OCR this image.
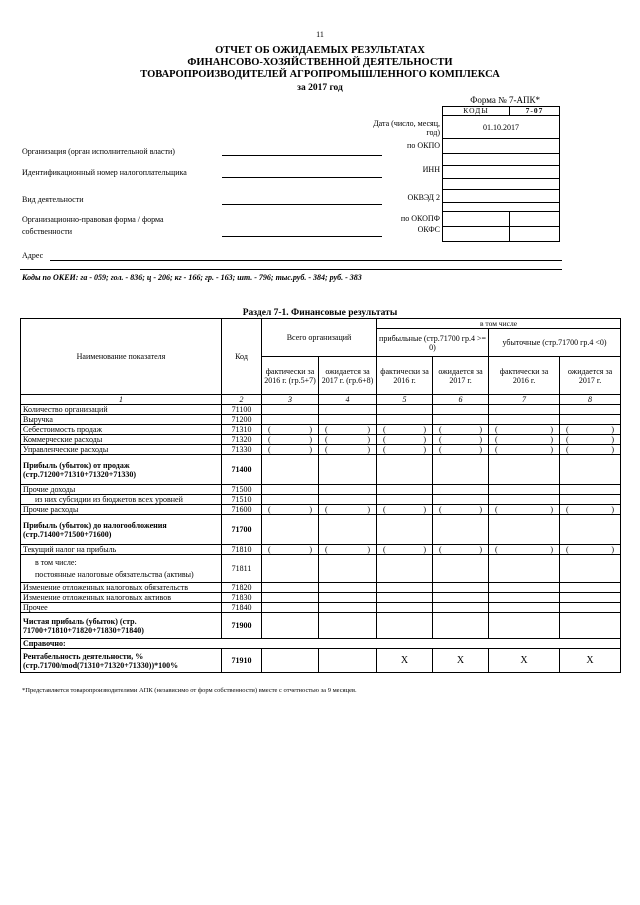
11
ОТЧЕТ ОБ ОЖИДАЕМЫХ РЕЗУЛЬТАТАХ
ФИНАНСОВО-ХОЗЯЙСТВЕННОЙ ДЕЯТЕЛЬНОСТИ
ТОВАРОПРОИЗВОДИТЕЛЕЙ АГРОПРОМЫШЛЕННОГО КОМПЛЕКСА
за 2017 год
Форма № 7-АПК*
КОДЫ	7-07
01.10.2017	

Дата (число, месяц, год)
по ОКПО
ИНН
ОКВЭД 2
по ОКОПФ
ОКФС
Организация (орган исполнительной власти)
Идентификационный номер налогоплательщика
Вид деятельности
Организационно-правовая форма / форма
собственности
Адрес
Коды по ОКЕИ: га - 059; гол. - 836; ц - 206; кг - 166; гр. - 163; шт. - 796; тыс.руб. - 384; руб. - 383
Раздел 7-1. Финансовые результаты
Наименование показателя	Код	Всего организаций		в том числе			
				прибыльные (стр.71700 гр.4 >= 0)		убыточные (стр.71700 гр.4 <0)	
		фактически за 2016 г. (гр.5+7)	ожидается за 2017 г. (гр.6+8)	фактически за 2016 г.	ожидается за 2017 г.	фактически за 2016 г.	ожидается за 2017 г.
1	2	3	4	5	6	7	8
Количество организаций	71100						
Выручка	71200						
Себестоимость продаж	71310	( )	( )	( )	( )	( )	( )

Коммерческие расходы	71320	( )	( )	( )	( )	( )	( )

Управленческие расходы	71330	( )	( )	( )	( )	( )	( )

Прибыль (убыток) от продаж (стр.71200+71310+71320+71330)	71400						
Прочие доходы	71500						
из них субсидии из бюджетов всех уровней	71510						
Прочие расходы	71600	( )	( )	( )	( )	( )	( )

Прибыль (убыток) до налогообложения (стр.71400+71500+71600)	71700						
Текущий налог на прибыль	71810	( )	( )	( )	( )	( )	( )

в том числе:
постоянные налоговые обязательства (активы)	71811						
Изменение отложенных налоговых обязательств	71820						
Изменение отложенных налоговых активов	71830						
Прочее	71840						
Чистая прибыль (убыток) (стр. 71700+71810+71820+71830+71840)	71900						
Справочно:							
Рентабельность деятельности, % (стр.71700/mod(71310+71320+71330))*100%	71910			X	X	X	X
*Представляется товаропроизводителями АПК (независимо от форм собственности) вместе с отчетностью за 9 месяцев.
